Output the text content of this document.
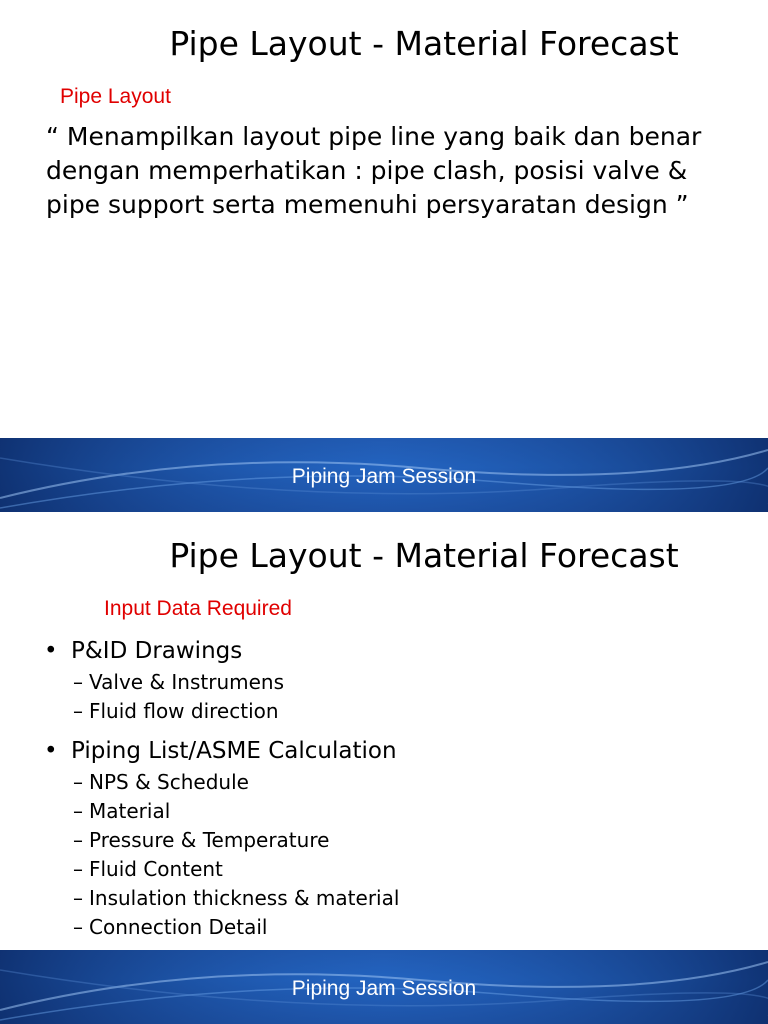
Pipe Layout - Material Forecast
Pipe Layout
“ Menampilkan layout pipe line yang baik dan benar dengan memperhatikan : pipe clash, posisi valve & pipe support serta memenuhi persyaratan design ”
Piping Jam Session
Pipe Layout - Material Forecast
Input Data Required
• P&ID Drawings
– Valve & Instrumens
– Fluid flow direction
• Piping List/ASME Calculation
– NPS & Schedule
– Material
– Pressure & Temperature
– Fluid Content
– Insulation thickness & material
– Connection Detail
Piping Jam Session
